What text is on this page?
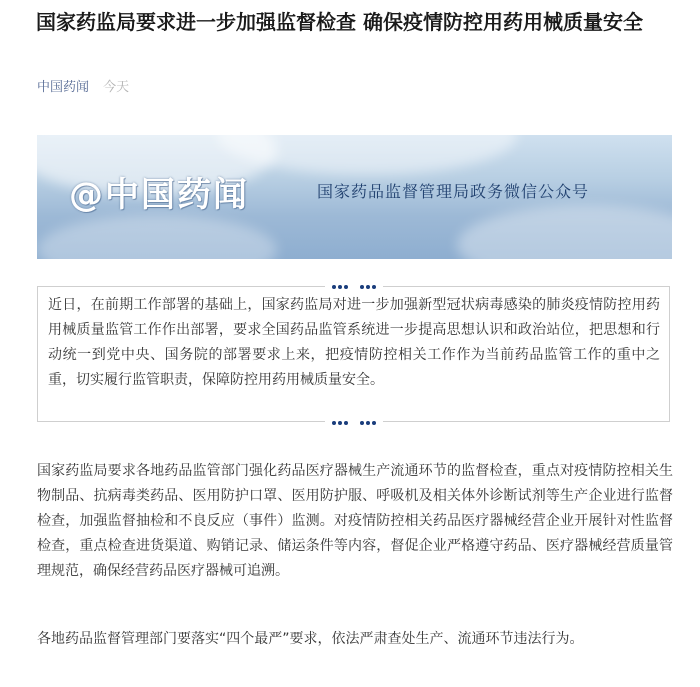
国家药监局要求进一步加强监督检查 确保疫情防控用药用械质量安全
中国药闻 今天
@中国药闻	国家药品监督管理局政务微信公众号

近日，在前期工作部署的基础上，国家药监局对进一步加强新型冠状病毒感染的肺炎疫情防控用药用械质量监管工作作出部署，要求全国药品监管系统进一步提高思想认识和政治站位，把思想和行动统一到党中央、国务院的部署要求上来，把疫情防控相关工作作为当前药品监管工作的重中之重，切实履行监管职责，保障防控用药用械质量安全。

国家药监局要求各地药品监管部门强化药品医疗器械生产流通环节的监督检查，重点对疫情防控相关生物制品、抗病毒类药品、医用防护口罩、医用防护服、呼吸机及相关体外诊断试剂等生产企业进行监督检查，加强监督抽检和不良反应（事件）监测。对疫情防控相关药品医疗器械经营企业开展针对性监督检查，重点检查进货渠道、购销记录、储运条件等内容，督促企业严格遵守药品、医疗器械经营质量管理规范，确保经营药品医疗器械可追溯。

各地药品监督管理部门要落实“四个最严”要求，依法严肃查处生产、流通环节违法行为。
